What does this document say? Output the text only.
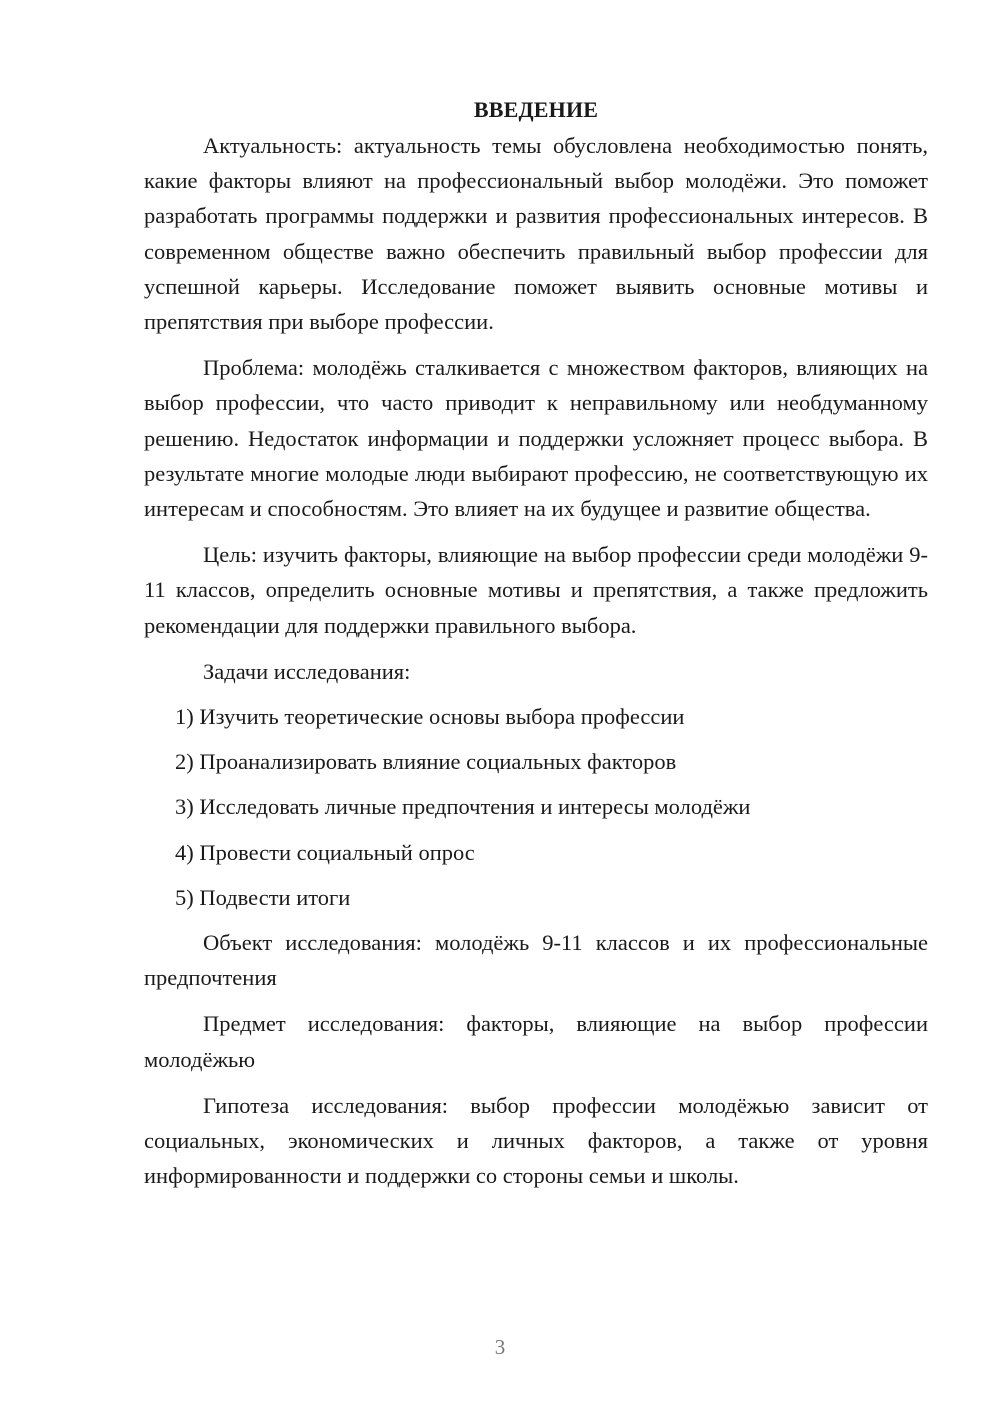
ВВЕДЕНИЕ

Актуальность: актуальность темы обусловлена необходимостью понять, какие факторы влияют на профессиональный выбор молодёжи. Это поможет разработать программы поддержки и развития профессиональных интересов. В современном обществе важно обеспечить правильный выбор профессии для успешной карьеры. Исследование поможет выявить основные мотивы и препятствия при выборе профессии.

Проблема: молодёжь сталкивается с множеством факторов, влияющих на выбор профессии, что часто приводит к неправильному или необдуманному решению. Недостаток информации и поддержки усложняет процесс выбора. В результате многие молодые люди выбирают профессию, не соответствующую их интересам и способностям. Это влияет на их будущее и развитие общества.

Цель: изучить факторы, влияющие на выбор профессии среди молодёжи 9-11 классов, определить основные мотивы и препятствия, а также предложить рекомендации для поддержки правильного выбора.

Задачи исследования:

1) Изучить теоретические основы выбора профессии
2) Проанализировать влияние социальных факторов
3) Исследовать личные предпочтения и интересы молодёжи
4) Провести социальный опрос
5) Подвести итоги

Объект исследования: молодёжь 9-11 классов и их профессиональные предпочтения

Предмет исследования: факторы, влияющие на выбор профессии молодёжью

Гипотеза исследования: выбор профессии молодёжью зависит от социальных, экономических и личных факторов, а также от уровня информированности и поддержки со стороны семьи и школы.

3
